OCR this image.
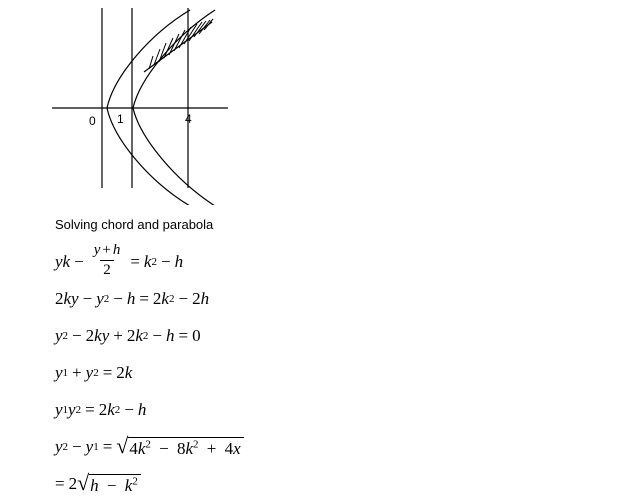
0 1	4
Solving chord and parabola
y $k - \frac{y + h}{2} = k$ 2 − h
2 k y − y 2 − h = 2 k 2 − 2 h
y 2 − 2 k y + 2 k 2 − h = 0
y 1 + y 2 = 2 k
y 1 y 2 = 2 k 2 − h
y 2 − y 1 = √ $4k^2 - 8k^2 + 4x$
= 2 √ $h - k^2$
